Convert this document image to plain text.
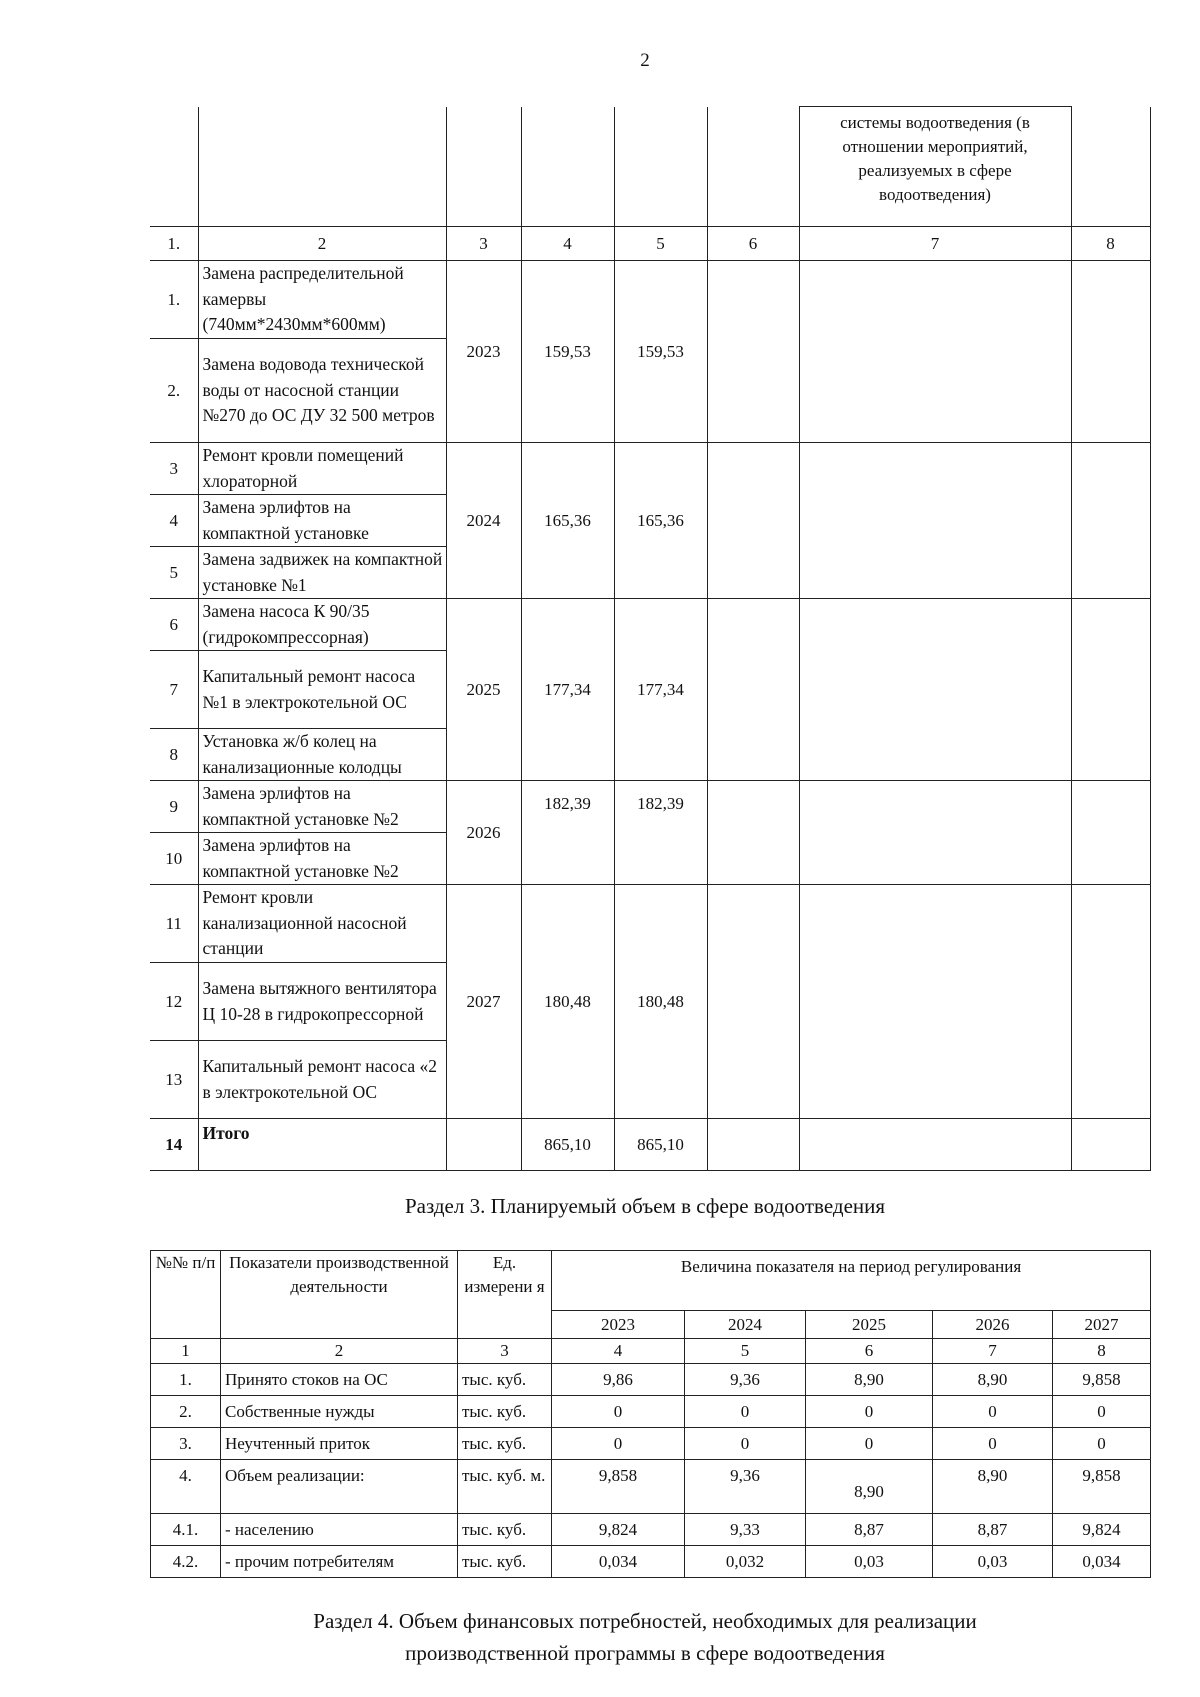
2
						системы водоотведения (в отношении мероприятий, реализуемых в сфере водоотведения)	
1.	2	3	4	5	6	7	8
1.	Замена распределительной камервы (740мм*2430мм*600мм)	2023	159,53	159,53			
2.	Замена водовода технической воды от насосной станции №270 до ОС ДУ 32 500 метров						
3	Ремонт кровли помещений хлораторной	2024	165,36	165,36			
4	Замена эрлифтов на компактной установке						
5	Замена задвижек на компактной установке №1						
6	Замена насоса К 90/35 (гидрокомпрессорная)	2025	177,34	177,34			
7	Капитальный ремонт насоса №1 в электрокотельной ОС						
8	Установка ж/б колец на канализационные колодцы						
9	Замена эрлифтов на компактной установке №2	2026	182,39	182,39			
10	Замена эрлифтов на компактной установке №2						
11	Ремонт кровли канализационной насосной станции	2027	180,48	180,48			
12	Замена вытяжного вентилятора Ц 10-28 в гидрокопрессорной						
13	Капитальный ремонт насоса «2 в электрокотельной ОС						
14	Итого		865,10	865,10			
Раздел 3. Планируемый объем в сфере водоотведения
№№ п/п	Показатели производственной деятельности	Ед. измерени я	Величина показателя на период регулирования				
			2023	2024	2025	2026	2027
1	2	3	4	5	6	7	8
1.	Принято стоков на ОС	тыс. куб.	9,86	9,36	8,90	8,90	9,858
2.	Собственные нужды	тыс. куб.	0	0	0	0	0
3.	Неучтенный приток	тыс. куб.	0	0	0	0	0
4.	Объем реализации:	тыс. куб. м.	9,858	9,36	8,90	8,90	9,858
4.1.	- населению	тыс. куб.	9,824	9,33	8,87	8,87	9,824
4.2.	- прочим потребителям	тыс. куб.	0,034	0,032	0,03	0,03	0,034
Раздел 4. Объем финансовых потребностей, необходимых для реализации производственной программы в сфере водоотведения
